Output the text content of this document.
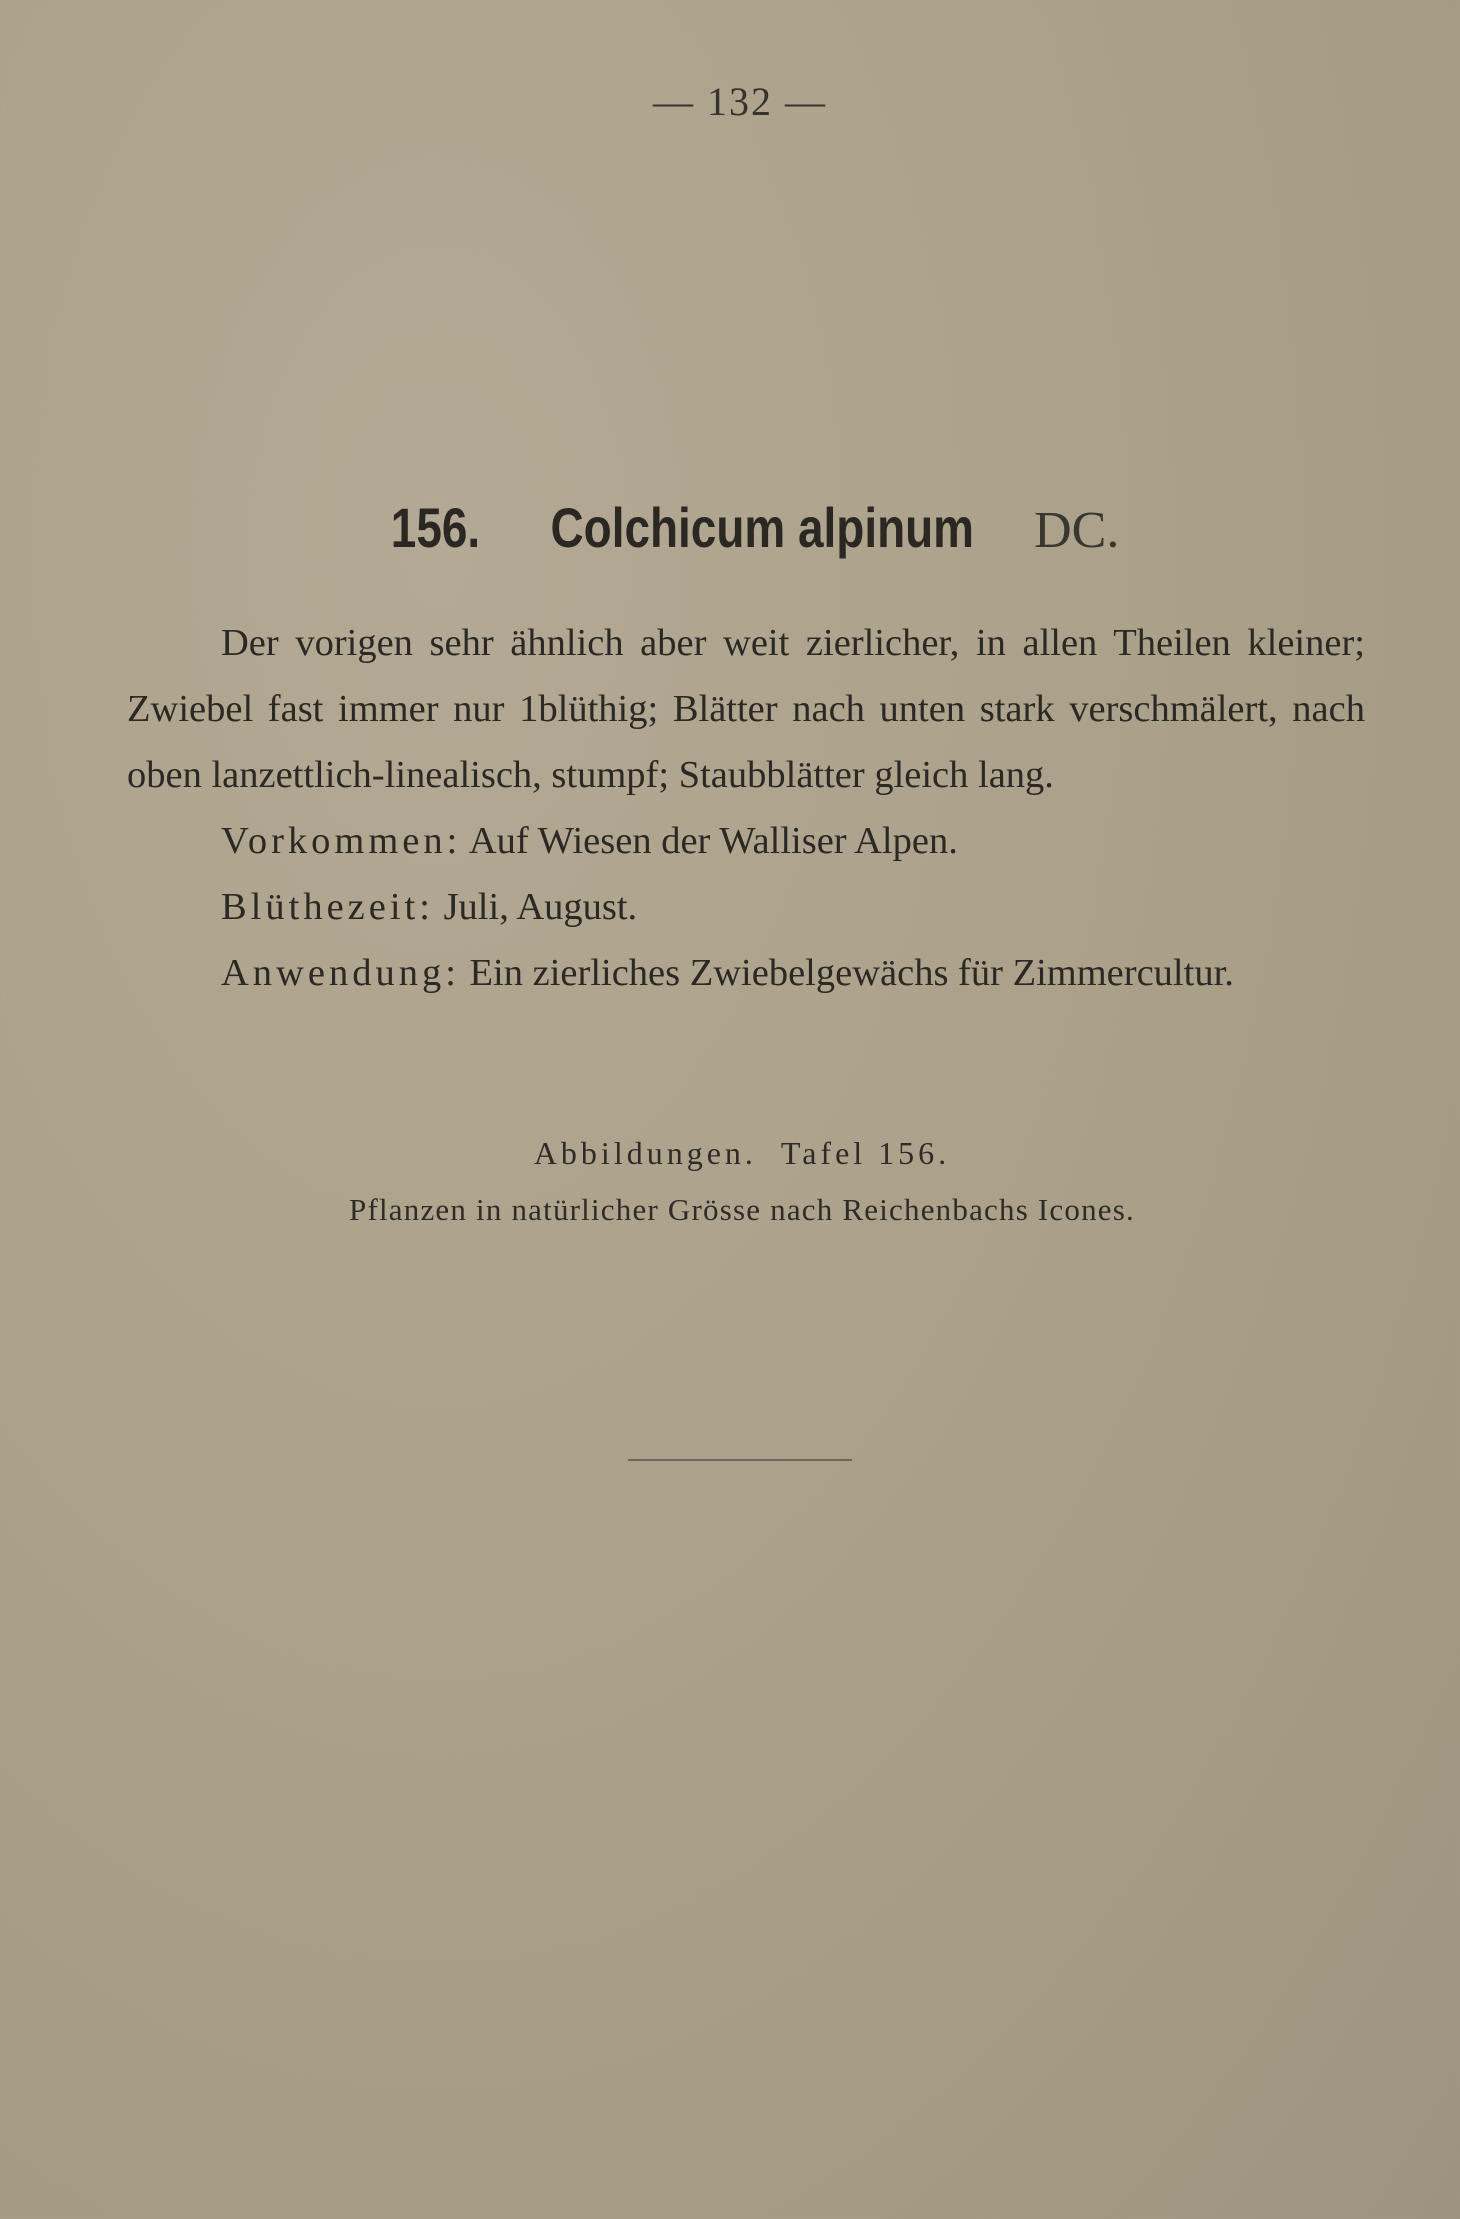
— 132 —
156. Colchicum alpinum DC.

Der vorigen sehr ähnlich aber weit zierlicher, in allen Theilen kleiner; Zwiebel fast immer nur 1blüthig; Blätter nach unten stark verschmälert, nach oben lanzettlich-linealisch, stumpf; Staubblätter gleich lang.

Vorkommen: Auf Wiesen der Walliser Alpen.

Blüthezeit: Juli, August.

Anwendung: Ein zierliches Zwiebelgewächs für Zimmercultur.

Abbildungen. Tafel 156.
Pflanzen in natürlicher Grösse nach Reichenbachs Icones.
